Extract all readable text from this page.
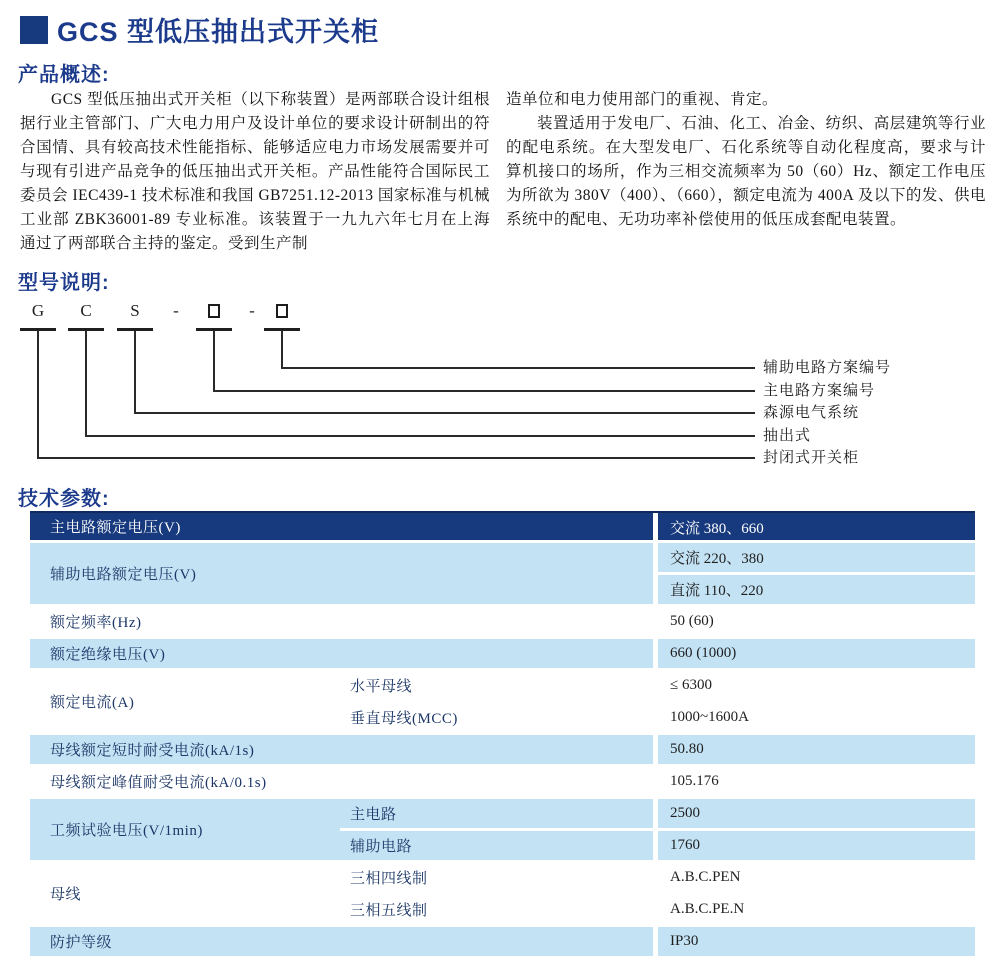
GCS 型低压抽出式开关柜
产品概述:

GCS 型低压抽出式开关柜（以下称装置）是两部联合设计组根据行业主管部门、广大电力用户及设计单位的要求设计研制出的符合国情、具有较高技术性能指标、能够适应电力市场发展需要并可与现有引进产品竞争的低压抽出式开关柜。产品性能符合国际民工委员会 IEC439-1 技术标准和我国 GB7251.12-2013 国家标准与机械工业部 ZBK36001-89 专业标准。该装置于一九九六年七月在上海通过了两部联合主持的鉴定。受到生产制

造单位和电力使用部门的重视、肯定。

装置适用于发电厂、石油、化工、冶金、纺织、高层建筑等行业的配电系统。在大型发电厂、石化系统等自动化程度高，要求与计算机接口的场所，作为三相交流频率为 50（60）Hz、额定工作电压为所欲为 380V（400）、（660），额定电流为 400A 及以下的发、供电系统中的配电、无功功率补偿使用的低压成套配电装置。

型号说明:
G C S -	-
辅助电路方案编号
主电路方案编号
森源电气系统
抽出式
封闭式开关柜
技术参数:
主电路额定电压(V)	交流 380、660
辅助电路额定电压(V)
交流 220、380
直流 110、220
额定频率(Hz)	50 (60)
额定绝缘电压(V)	660 (1000)
额定电流(A)
水平母线	≤ 6300
垂直母线(MCC)	1000~1600A
母线额定短时耐受电流(kA/1s)	50.80
母线额定峰值耐受电流(kA/0.1s)	105.176
工频试验电压(V/1min)
主电路	2500
辅助电路	1760
母线
三相四线制	A.B.C.PEN
三相五线制	A.B.C.PE.N
防护等级	IP30
